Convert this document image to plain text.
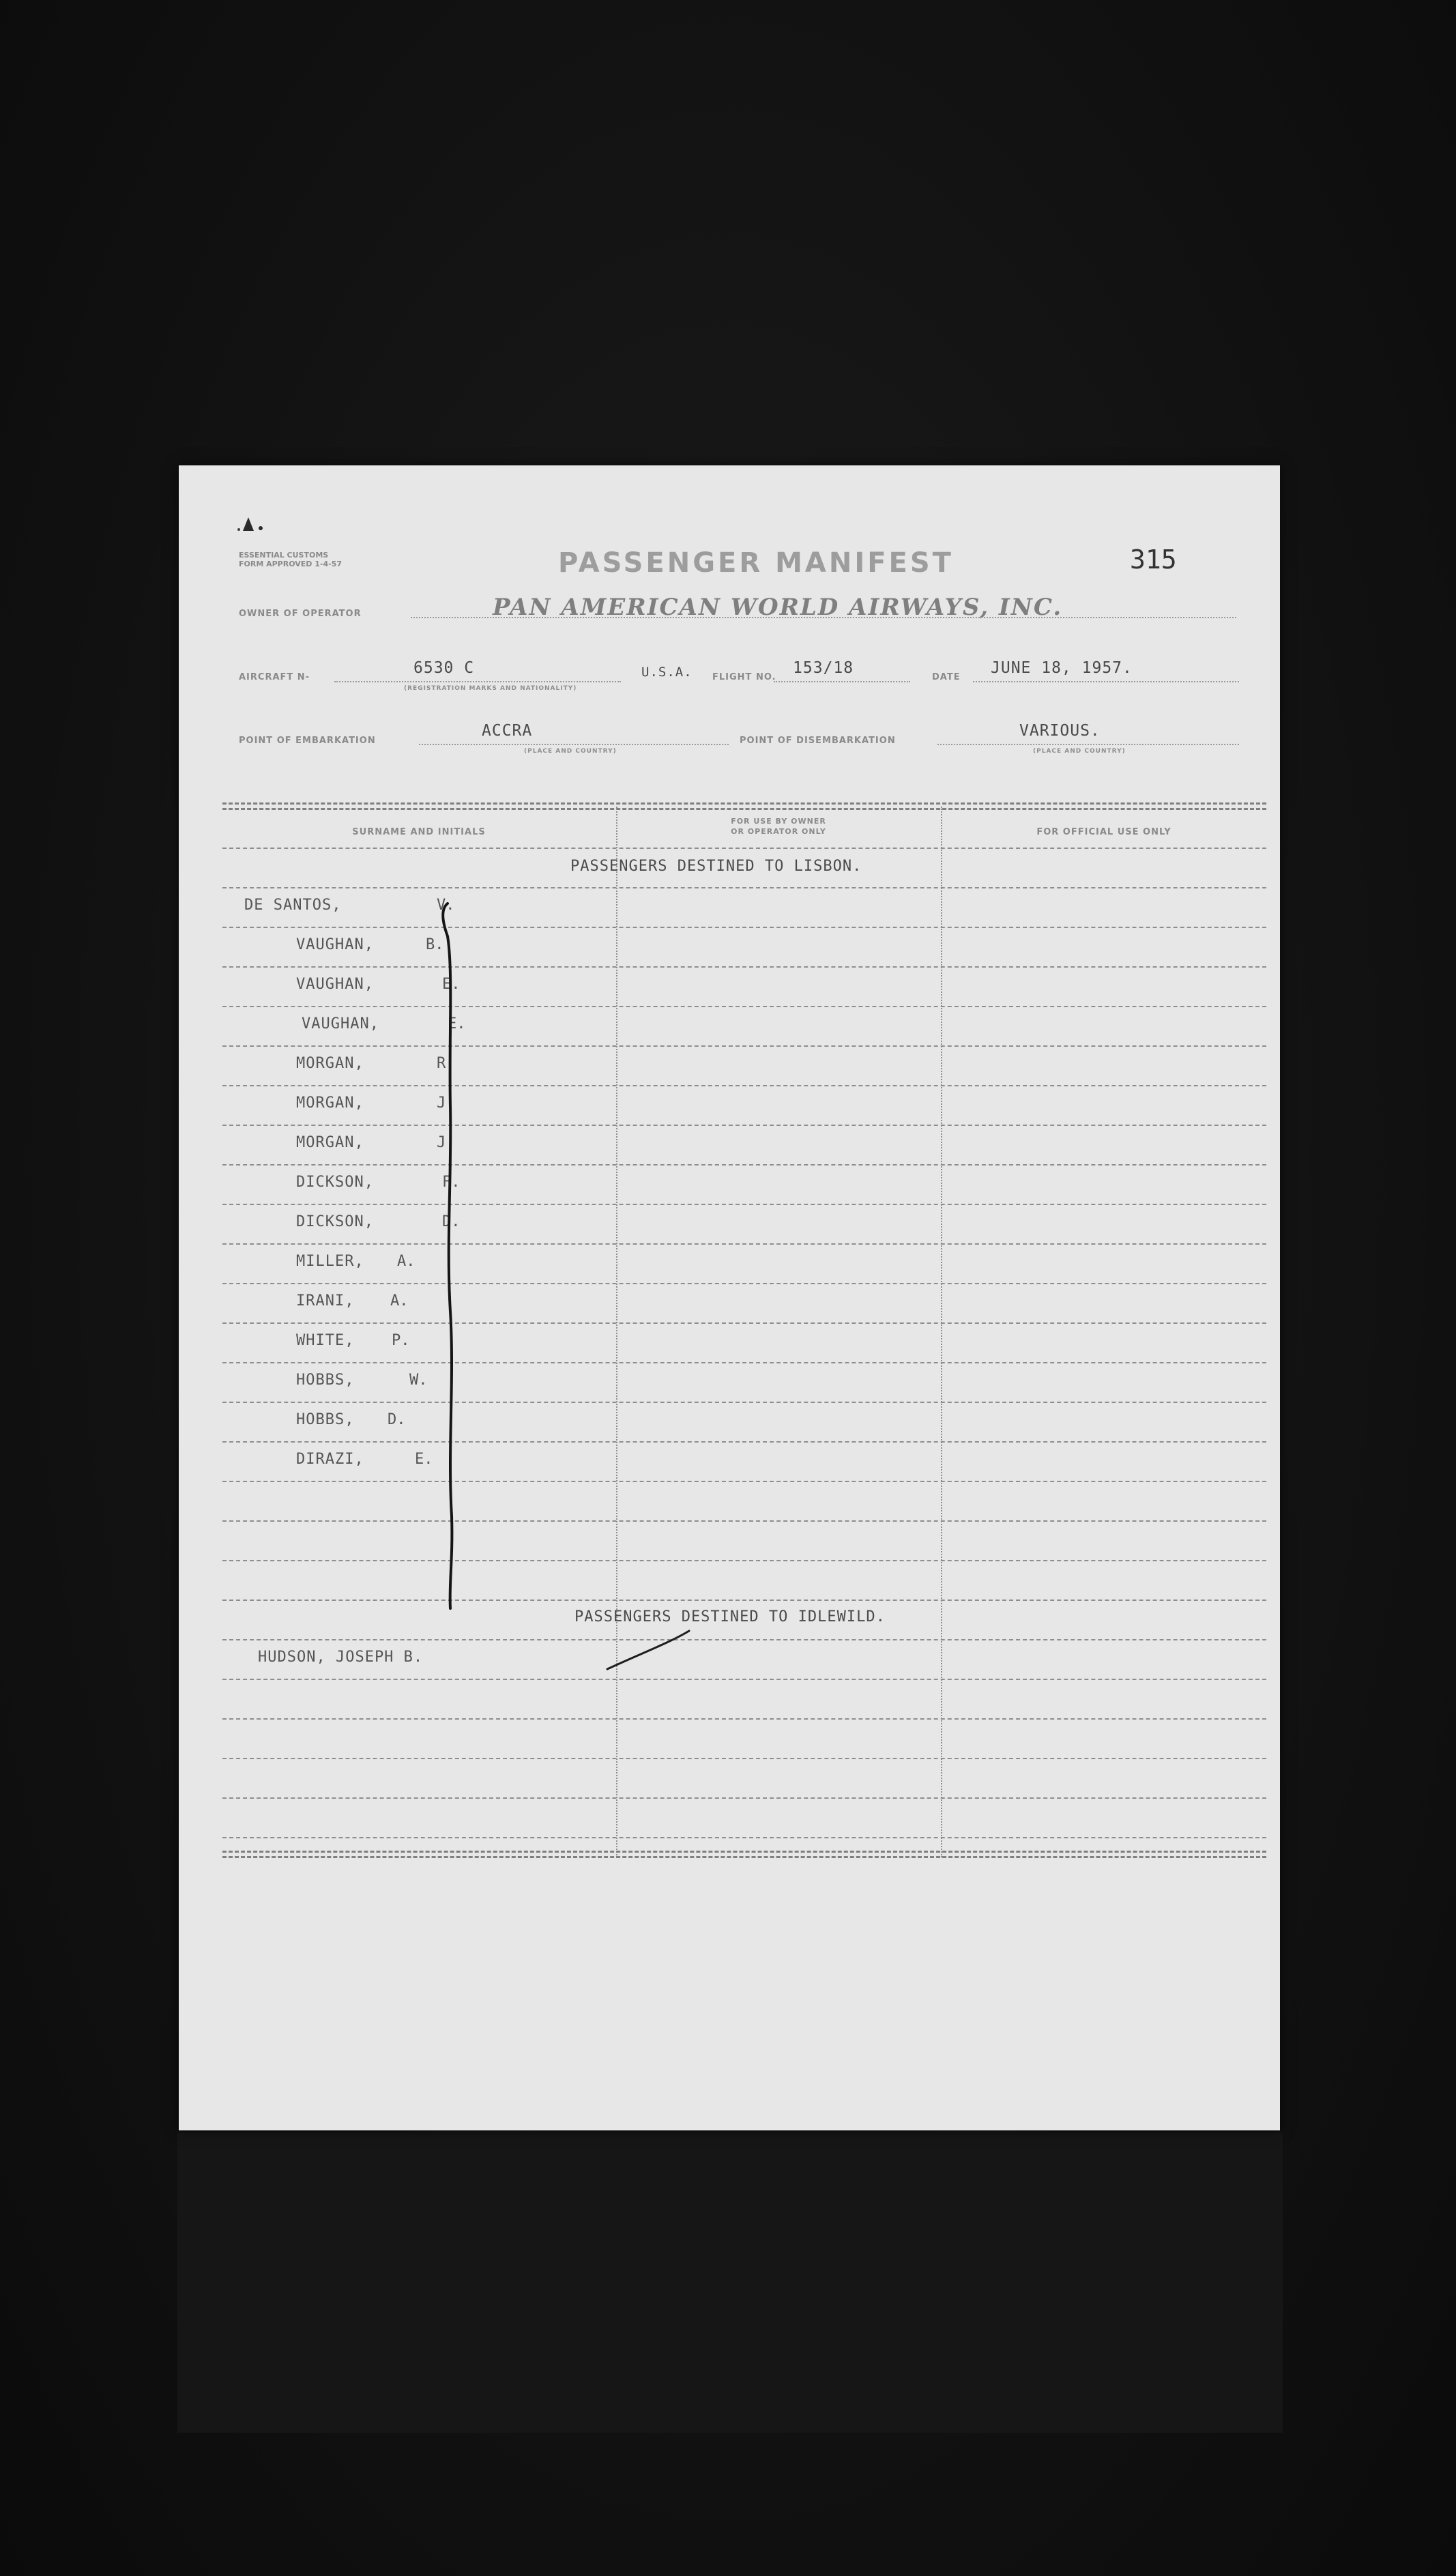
ESSENTIAL CUSTOMS
FORM APPROVED 1-4-57	PASSENGER MANIFEST	315
OWNER OF OPERATOR	PAN AMERICAN WORLD AIRWAYS, INC.
AIRCRAFT N-
6530 C
(REGISTRATION MARKS AND NATIONALITY)
U.S.A. FLIGHT NO.
153/18
DATE
JUNE 18, 1957.
POINT OF EMBARKATION
ACCRA
(PLACE AND COUNTRY)
POINT OF DISEMBARKATION
VARIOUS.
(PLACE AND COUNTRY)
SURNAME AND INITIALS
FOR USE BY OWNER
OR OPERATOR ONLY	FOR OFFICIAL USE ONLY
PASSENGERS DESTINED TO LISBON.
DE SANTOS,	V.
VAUGHAN,	B.
VAUGHAN,	E.
VAUGHAN,	E.
MORGAN,	R.
MORGAN,	J.
MORGAN,	J.
DICKSON,	F.
DICKSON,	D.
MILLER, A.
IRANI, A.
WHITE, P.
HOBBS,	W.
HOBBS, D.
DIRAZI,	E.
PASSENGERS DESTINED TO IDLEWILD.
HUDSON, JOSEPH B.
